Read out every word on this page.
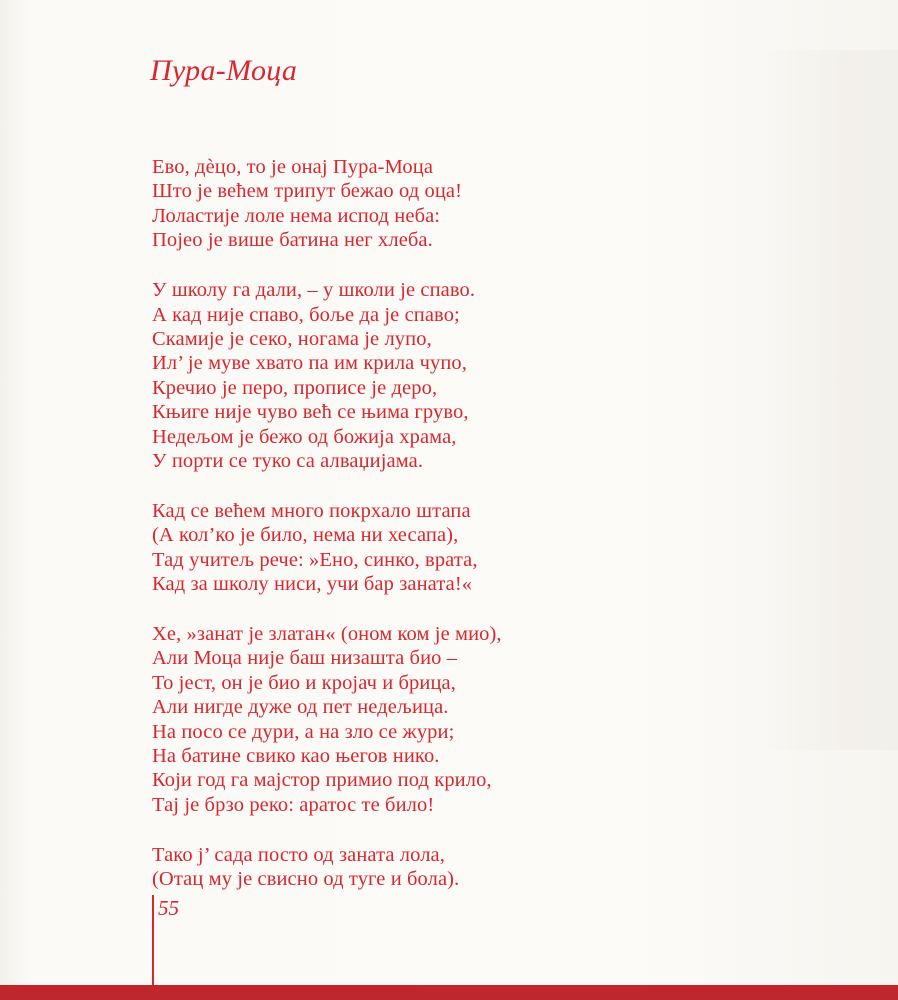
Пура-Моца
Ево, дѐцо, то је онај Пура-Моца
Што је већем трипут бежао од оца!
Лоластије лоле нема испод неба:
Појео је више батина нег хлеба.
У школу га дали, – у школи је спаво.
А кад није спаво, боље да је спаво;
Скамије је секо, ногама је лупо,
Ил’ је муве хвато па им крила чупо,
Кречио је перо, прописе је деро,
Књиге није чуво већ се њима груво,
Недељом је бежо од божија храма,
У порти се туко са алваџијама.
Кад се већем много покрхало штапа
(А кол’ко је било, нема ни хесапа),
Тад учитељ рече: »Ено, синко, врата,
Кад за школу ниси, учи бар заната!«
Хе, »занат је златан« (оном ком је мио),
Али Моца није баш низашта био –
То јест, он је био и кројач и брица,
Али нигде дуже од пет недељица.
На посо се дури, а на зло се жури;
На батине свико као његов нико.
Који год га мајстор примио под крило,
Тај је брзо реко: аратос те било!
Тако ј’ сада посто од заната лола,
(Отац му је свисно од туге и бола).
55
